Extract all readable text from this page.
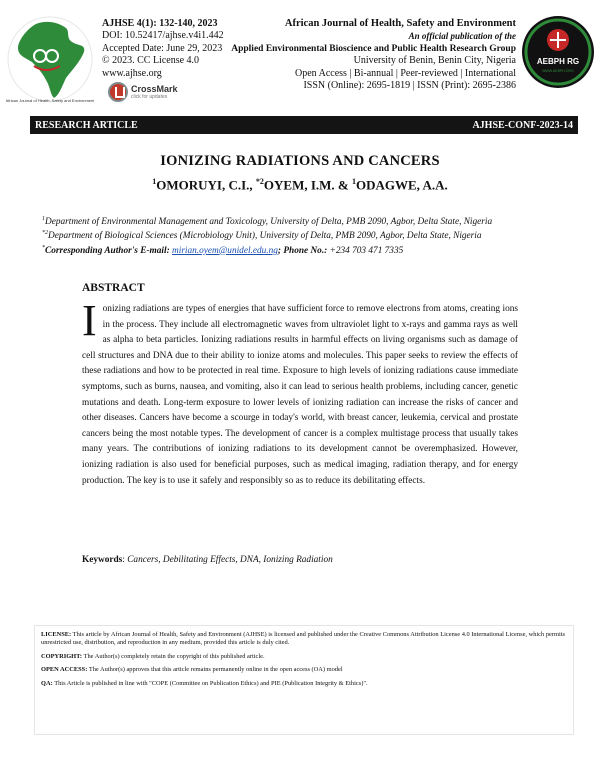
African Journal of Health, Safety and Environment
AJHSE 4(1): 132-140, 2023
DOI: 10.52417/ajhse.v4i1.442
Accepted Date: June 29, 2023
© 2023. CC License 4.0
www.ajhse.org
CrossMark
click for updates
African Journal of Health, Safety and Environment
An official publication of the
Applied Environmental Bioscience and Public Health Research Group
University of Benin, Benin City, Nigeria
Open Access | Bi-annual | Peer-reviewed | International
ISSN (Online): 2695-1819 | ISSN (Print): 2695-2386
AEBPH RG
WWW.AEBPH.ORG
RESEARCH ARTICLE	AJHSE-CONF-2023-14
IONIZING RADIATIONS AND CANCERS
$^1$OMORUYI, C.I., $^{*2}$OYEM, I.M. & $^1$ODAGWE, A.A.
$^1$Department of Environmental Management and Toxicology, University of Delta, PMB 2090, Agbor, Delta State, Nigeria
$^{*2}$Department of Biological Sciences (Microbiology Unit), University of Delta, PMB 2090, Agbor, Delta State, Nigeria
*Corresponding Author's E-mail: mirian.oyem@unidel.edu.ng; Phone No.: +234 703 471 7335
ABSTRACT
Ionizing radiations are types of energies that have sufficient force to remove electrons from atoms, creating ions in the process. They include all electromagnetic waves from ultraviolet light to x-rays and gamma rays as well as alpha to beta particles. Ionizing radiations results in harmful effects on living organisms such as damage of cell structures and DNA due to their ability to ionize atoms and molecules. This paper seeks to review the effects of these radiations and how to be protected in real time. Exposure to high levels of ionizing radiations cause immediate symptoms, such as burns, nausea, and vomiting, also it can lead to serious health problems, including cancer, genetic mutations and death. Long-term exposure to lower levels of ionizing radiation can increase the risks of cancer and other diseases. Cancers have become a scourge in today's world, with breast cancer, leukemia, cervical and prostate cancers being the most notable types. The development of cancer is a complex multistage process that usually takes many years. The contributions of ionizing radiations to its development cannot be overemphasized. However, ionizing radiation is also used for beneficial purposes, such as medical imaging, radiation therapy, and for energy production. The key is to use it safely and responsibly so as to reduce its debilitating effects.
Keywords: Cancers, Debilitating Effects, DNA, Ionizing Radiation

LICENSE: This article by African Journal of Health, Safety and Environment (AJHSE) is licensed and published under the Creative Commons Attribution License 4.0 International License, which permits unrestricted use, distribution, and reproduction in any medium, provided this article is duly cited.

COPYRIGHT: The Author(s) completely retain the copyright of this published article.

OPEN ACCESS: The Author(s) approves that this article remains permanently online in the open access (OA) model

QA: This Article is published in line with "COPE (Committee on Publication Ethics) and PIE (Publication Integrity & Ethics)".
